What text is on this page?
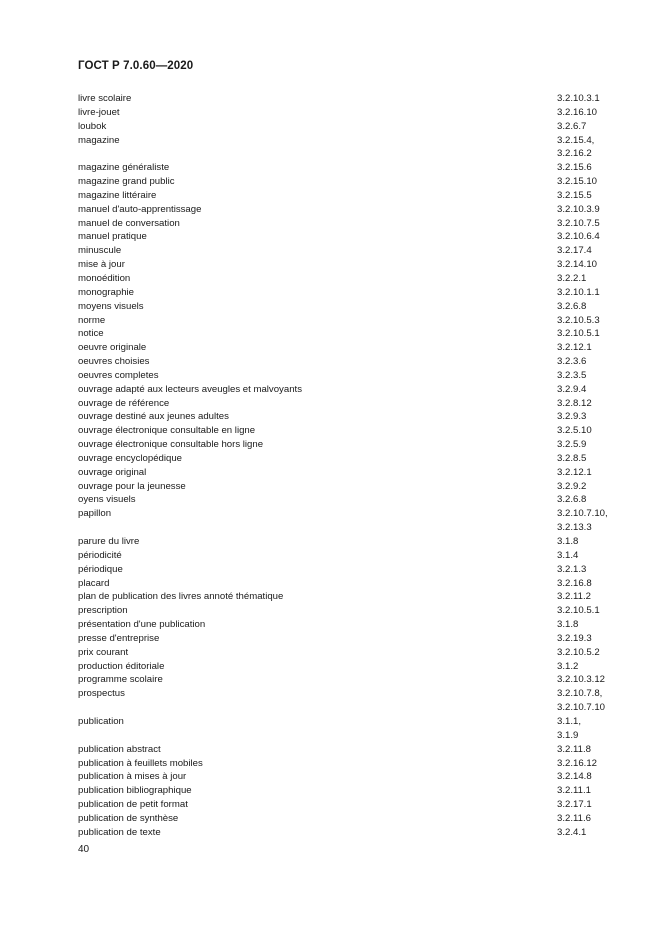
ГОСТ Р 7.0.60—2020
livre scolaire	3.2.10.3.1
livre-jouet	3.2.16.10
loubok	3.2.6.7
magazine	3.2.15.4,
3.2.16.2
magazine généraliste	3.2.15.6
magazine grand public	3.2.15.10
magazine littéraire	3.2.15.5
manuel d'auto-apprentissage	3.2.10.3.9
manuel de conversation	3.2.10.7.5
manuel pratique	3.2.10.6.4
minuscule	3.2.17.4
mise à jour	3.2.14.10
monoédition	3.2.2.1
monographie	3.2.10.1.1
moyens visuels	3.2.6.8
norme	3.2.10.5.3
notice	3.2.10.5.1
oeuvre originale	3.2.12.1
oeuvres choisies	3.2.3.6
oeuvres completes	3.2.3.5
ouvrage adapté aux lecteurs aveugles et malvoyants	3.2.9.4
ouvrage de référence	3.2.8.12
ouvrage destiné aux jeunes adultes	3.2.9.3
ouvrage électronique consultable en ligne	3.2.5.10
ouvrage électronique consultable hors ligne	3.2.5.9
ouvrage encyclopédique	3.2.8.5
ouvrage original	3.2.12.1
ouvrage pour la jeunesse	3.2.9.2
oyens visuels	3.2.6.8
papillon	3.2.10.7.10,
3.2.13.3
parure du livre	3.1.8
périodicité	3.1.4
périodique	3.2.1.3
placard	3.2.16.8
plan de publication des livres annoté thématique	3.2.11.2
prescription	3.2.10.5.1
présentation d'une publication	3.1.8
presse d'entreprise	3.2.19.3
prix courant	3.2.10.5.2
production éditoriale	3.1.2
programme scolaire	3.2.10.3.12
prospectus	3.2.10.7.8,
3.2.10.7.10
publication	3.1.1,
3.1.9
publication abstract	3.2.11.8
publication à feuillets mobiles	3.2.16.12
publication à mises à jour	3.2.14.8
publication bibliographique	3.2.11.1
publication de petit format	3.2.17.1
publication de synthèse	3.2.11.6
publication de texte	3.2.4.1
40
